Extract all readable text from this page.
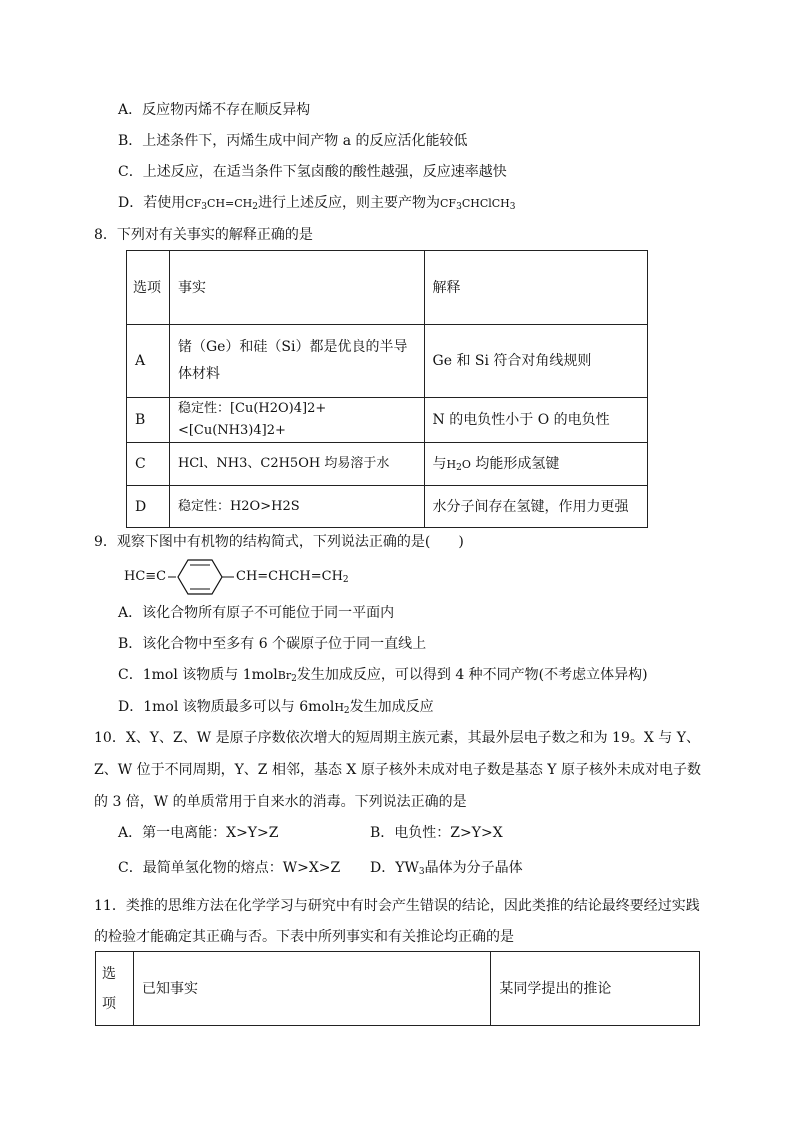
A．反应物丙烯不存在顺反异构
B．上述条件下，丙烯生成中间产物 a 的反应活化能较低
C．上述反应，在适当条件下氢卤酸的酸性越强，反应速率越快
D．若使用$CF_3CH=CH_2$进行上述反应，则主要产物为$CF_3CHClCH_3$
8．下列对有关事实的解释正确的是
选项	事实	解释
A	锗（Ge）和硅（Si）都是优良的半导体材料	Ge 和 Si 符合对角线规则
B	稳定性：[Cu(H2O)4]2+<[Cu(NH3)4]2+	N 的电负性小于 O 的电负性
C	HCl、NH3、C2H5OH 均易溶于水	与$H_2O$ 均能形成氢键
D	稳定性：H2O>H2S	水分子间存在氢键，作用力更强
9．观察下图中有机物的结构简式，下列说法正确的是(　　)
HC≡C	$CH=CHCH=CH_2$
A．该化合物所有原子不可能位于同一平面内
B．该化合物中至多有 6 个碳原子位于同一直线上
C．1mol 该物质与 1molBr$_2$发生加成反应，可以得到 4 种不同产物(不考虑立体异构)
D．1mol 该物质最多可以与 6molH$_2$发生加成反应
10．X、Y、Z、W 是原子序数依次增大的短周期主族元素，其最外层电子数之和为 19。X 与 Y、
Z、W 位于不同周期，Y、Z 相邻，基态 X 原子核外未成对电子数是基态 Y 原子核外未成对电子数
的 3 倍，W 的单质常用于自来水的消毒。下列说法正确的是
A．第一电离能：X>Y>Z	B．电负性：Z>Y>X
C．最简单氢化物的熔点：W>X>Z D．$YW_3$晶体为分子晶体
11．类推的思维方法在化学学习与研究中有时会产生错误的结论，因此类推的结论最终要经过实践
的检验才能确定其正确与否。下表中所列事实和有关推论均正确的是
选项	已知事实	某同学提出的推论
